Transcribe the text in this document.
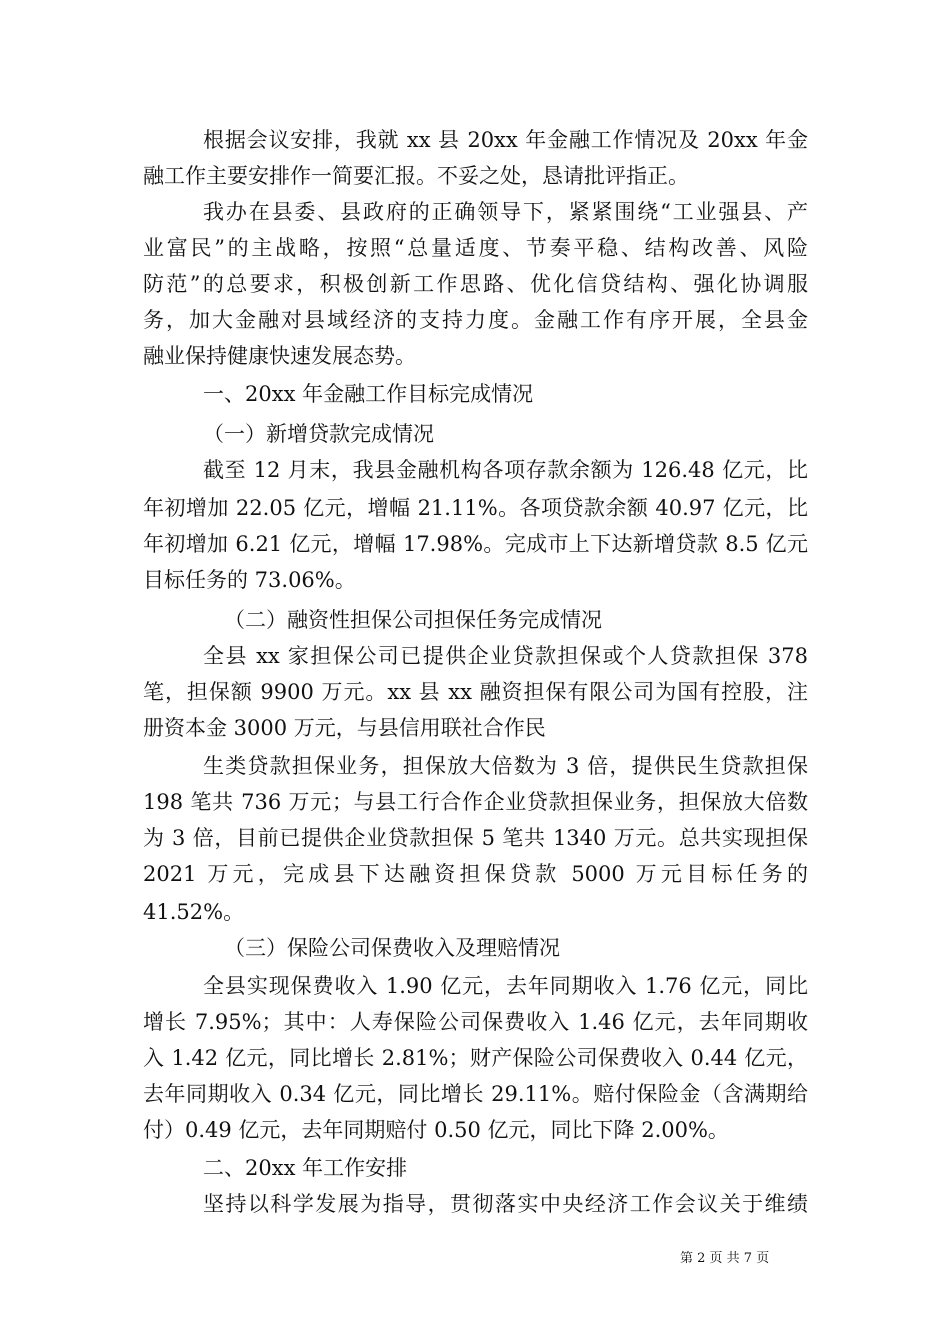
根据会议安排，我就 xx 县 20xx 年金融工作情况及 20xx 年金
融工作主要安排作一简要汇报。不妥之处，恳请批评指正。
我办在县委、县政府的正确领导下，紧紧围绕“工业强县、产
业富民”的主战略，按照“总量适度、节奏平稳、结构改善、风险
防范”的总要求，积极创新工作思路、优化信贷结构、强化协调服
务，加大金融对县域经济的支持力度。金融工作有序开展，全县金
融业保持健康快速发展态势。
一、20xx 年金融工作目标完成情况
（一）新增贷款完成情况
截至 12 月末，我县金融机构各项存款余额为 126.48 亿元，比
年初增加 22.05 亿元，增幅 21.11%。各项贷款余额 40.97 亿元，比
年初增加 6.21 亿元，增幅 17.98%。完成市上下达新增贷款 8.5 亿元
目标任务的 73.06%。
（二）融资性担保公司担保任务完成情况
全县 xx 家担保公司已提供企业贷款担保或个人贷款担保 378
笔，担保额 9900 万元。xx 县 xx 融资担保有限公司为国有控股，注
册资本金 3000 万元，与县信用联社合作民
生类贷款担保业务，担保放大倍数为 3 倍，提供民生贷款担保
198 笔共 736 万元；与县工行合作企业贷款担保业务，担保放大倍数
为 3 倍，目前已提供企业贷款担保 5 笔共 1340 万元。总共实现担保
2021 万元，完成县下达融资担保贷款 5000 万元目标任务的
41.52%。
（三）保险公司保费收入及理赔情况
全县实现保费收入 1.90 亿元，去年同期收入 1.76 亿元，同比
增长 7.95%；其中：人寿保险公司保费收入 1.46 亿元，去年同期收
入 1.42 亿元，同比增长 2.81%；财产保险公司保费收入 0.44 亿元，
去年同期收入 0.34 亿元，同比增长 29.11%。赔付保险金（含满期给
付）0.49 亿元，去年同期赔付 0.50 亿元，同比下降 2.00%。
二、20xx 年工作安排
坚持以科学发展为指导，贯彻落实中央经济工作会议关于维绩
第 2 页 共 7 页
